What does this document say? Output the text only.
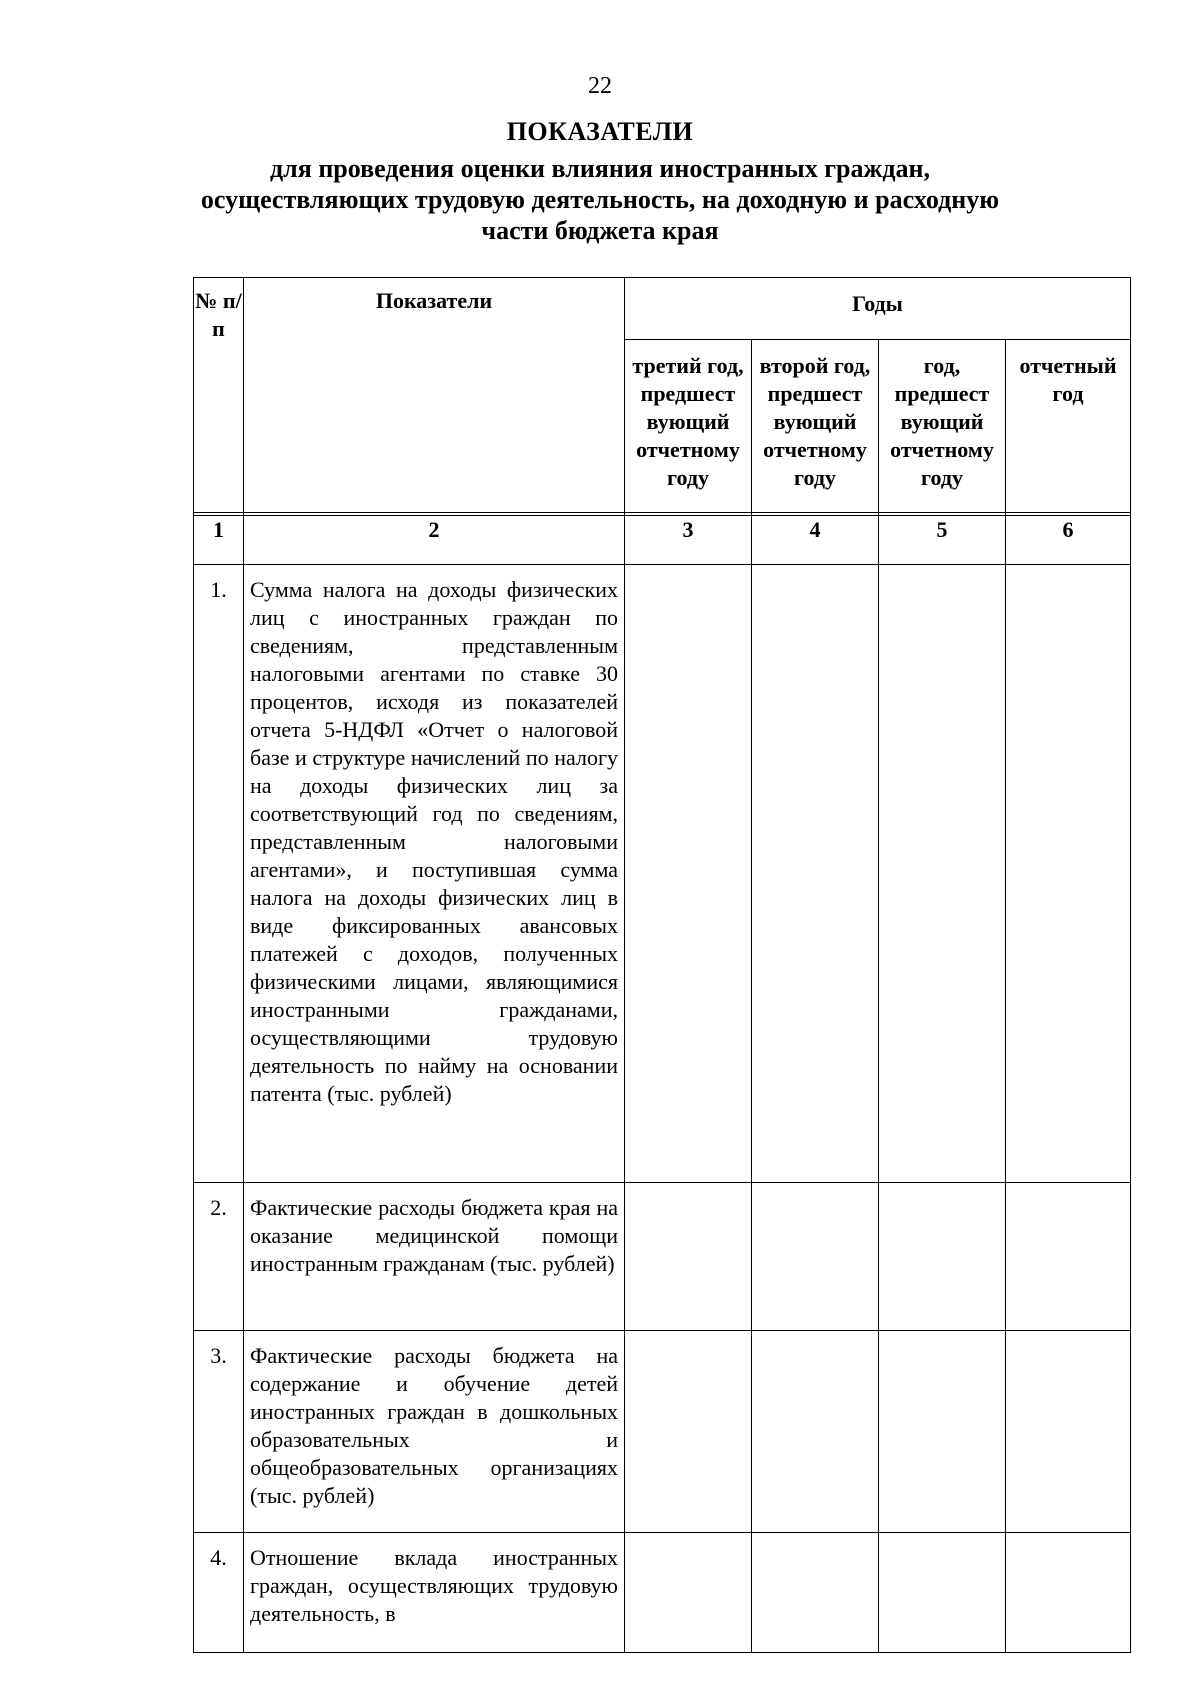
22
ПОКАЗАТЕЛИ
для проведения оценки влияния иностранных граждан,
осуществляющих трудовую деятельность, на доходную и расходную
части бюджета края
№ п/п	Показатели	Годы			
		третий год, предшест вующий отчетному году	второй год, предшест вующий отчетному году	год, предшест вующий отчетному году	отчетный год

1	2	3	4	5	6
1.	Сумма налога на доходы физических лиц с иностранных граждан по сведениям, представленным налоговыми агентами по ставке 30 процентов, исходя из показателей отчета 5-НДФЛ «Отчет о налоговой базе и структуре начислений по налогу на доходы физических лиц за соответствующий год по сведениям, представленным налоговыми агентами», и поступившая сумма налога на доходы физических лиц в виде фиксированных авансовых платежей с доходов, полученных физическими лицами, являющимися иностранными гражданами, осуществляющими трудовую деятельность по найму на основании патента (тыс. рублей)				
2.	Фактические расходы бюджета края на оказание медицинской помощи иностранным гражданам (тыс. рублей)				
3.	Фактические расходы бюджета на содержание и обучение детей иностранных граждан в дошкольных образовательных и общеобразовательных организациях (тыс. рублей)				
4.	Отношение вклада иностранных граждан, осуществляющих трудовую деятельность, в				
